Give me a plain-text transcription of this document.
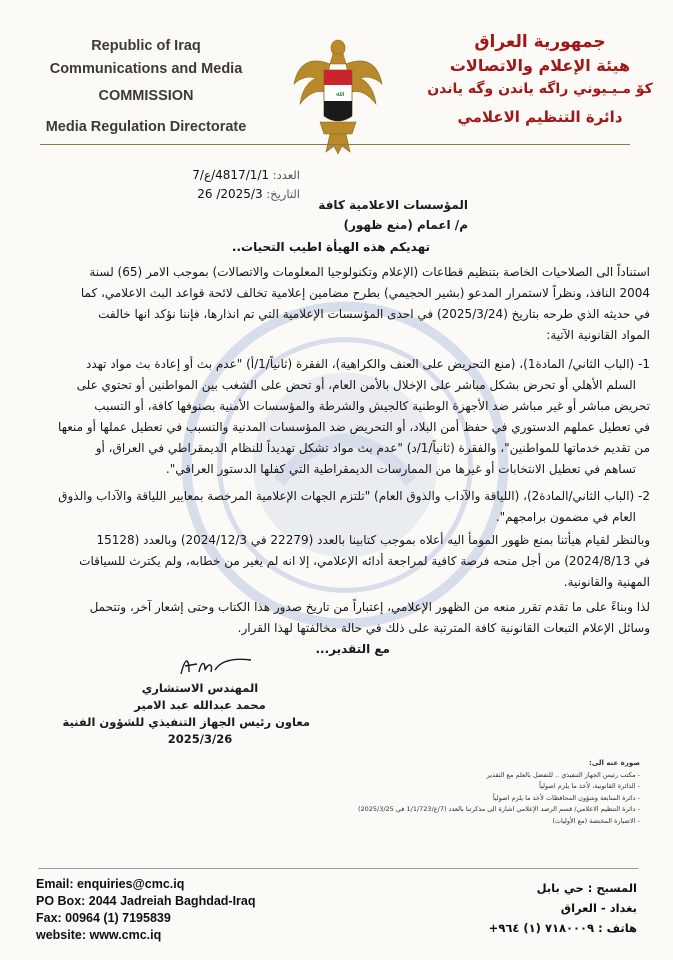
Republic of Iraq
Communications and Media
COMMISSION
Media Regulation Directorate
ﷲ
جمهورية العراق
هيئة الإعلام والاتصالات
كۆ مـيـيوني راگه ياندن وگه ياندن
دائرة التنظيم الاعلامي
العدد: 4817/1/1/ع/7
التاريخ: 2025/3/ 26
المؤسسات الاعلامية كافة
م/ اعمام (منع ظهور)
تهديكم هذه الهيأة اطيب التحيات..
استناداً الى الصلاحيات الخاصة بتنظيم قطاعات (الإعلام وتكنولوجيا المعلومات والاتصالات) بموجب الامر (65) لسنة
2004 النافذ، ونظراً لاستمرار المدعو (بشير الحجيمي) بطرح مضامين إعلامية تخالف لائحة قواعد البث الاعلامي، كما
في حديثه الذي طرحه بتاريخ (2025/3/24) في احدى المؤسسات الإعلامية التي تم انذارها، فإننا نؤكد انها خالفت
المواد القانونية الآتية:
1- (الباب الثاني/ المادة1)، (منع التحريض على العنف والكراهية)، الفقرة (ثانياً/1/أ) "عدم بث أو إعادة بث مواد تهدد
السلم الأهلي أو تحرض بشكل مباشر على الإخلال بالأمن العام، أو تحض على الشغب بين المواطنين أو تحتوي على
تحريض مباشر أو غير مباشر ضد الأجهزة الوطنية كالجيش والشرطة والمؤسسات الأمنية بصنوفها كافة، أو التسبب
في تعطيل عملهم الدستوري في حفظ أمن البلاد، أو التحريض ضد المؤسسات المدنية والتسبب في تعطيل عملها أو منعها
من تقديم خدماتها للمواطنين"، والفقرة (ثانياً/1/د) "عدم بث مواد تشكل تهديداً للنظام الديمقراطي في العراق، أو
تساهم في تعطيل الانتخابات أو غيرها من الممارسات الديمقراطية التي كفلها الدستور العراقي".
2- (الباب الثاني/المادة2)، (اللياقة والآداب والذوق العام) "تلتزم الجهات الإعلامية المرخصة بمعايير اللياقة والآداب والذوق
العام في مضمون برامجهم".
وبالنظر لقيام هيأتنا بمنع ظهور المومأ اليه أعلاه بموجب كتابينا بالعدد (22279 في 2024/12/3) وبالعدد (15128
في 2024/8/13) من أجل منحه فرصة كافية لمراجعة أدائه الإعلامي، إلا انه لم يغير من خطابه، ولم يكترث للسياقات
المهنية والقانونية.
لذا وبناءً على ما تقدم تقرر منعه من الظهور الإعلامي، إعتباراً من تاريخ صدور هذا الكتاب وحتى إشعار آخر، وتتحمل
وسائل الإعلام التبعات القانونية كافة المترتبة على ذلك في حالة مخالفتها لهذا القرار.
مع التقدير...
المهندس الاستشاري
محمد عبدالله عبد الامير
معاون رئيس الجهاز التنفيذي للشؤون الفنية
2025/3/26
صورة عنه الى:
- مكتب رئيس الجهاز التنفيذي .. للتفضل بالعلم مع التقدير
- الدائرة القانونية، لأخذ ما يلزم اصولياً
- دائرة المتابعة وشؤون المحافظات لأخذ ما يلزم اصولياً
- دائرة التنظيم الاعلامي/ قسم الرصد الإعلامي اشارة الى مذكرتنا بالعدد (7/ع/1/1/723 في 2025/3/25)
- الاضبارة المختصة (مع الأوليات)
Email: enquiries@cmc.iq
PO Box: 2044 Jadreiah Baghdad-Iraq
Fax: 00964 (1) 7195839
website: www.cmc.iq
المسبح : حي بابل
بغداد - العراق
هاتف : ٧١٨٠٠٠٩ (١) ٩٦٤+
